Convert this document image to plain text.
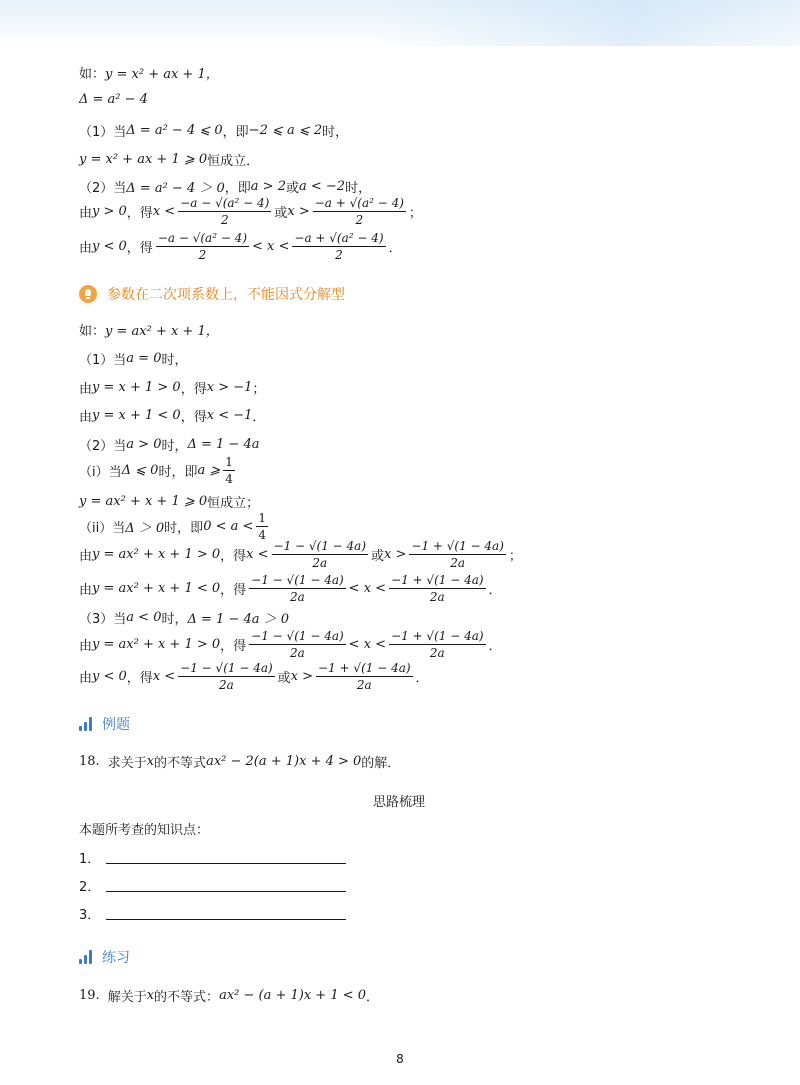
如： y = x² + ax + 1，
Δ = a² − 4
（1）当 Δ = a² − 4 ⩽ 0 ，即 −2 ⩽ a ⩽ 2 时，
y = x² + ax + 1 ⩾ 0 恒成立．
（2）当 Δ = a² − 4 ＞ 0 ，即 a > 2 或 a < −2 时，
由 y > 0 ，得 $x < \frac{\text{−a − √(a² − 4)}}{2}$ 或 $x > \frac{\text{−a + √(a² − 4)}}{2}$ ；
由 y < 0 ，得 $\frac{\text{−a − √(a² − 4)}}{2} < x < \frac{\text{−a + √(a² − 4)}}{2}$ ．
参数在二次项系数上，不能因式分解型
如： y = ax² + x + 1，
（1）当 a = 0 时，
由 y = x + 1 > 0 ，得 x > −1 ；
由 y = x + 1 < 0 ，得 x < −1 ．
（2）当 a > 0 时， Δ = 1 − 4a
（i）当 Δ ⩽ 0 时，即 a ⩾ $\frac{1}{4}$
y = ax² + x + 1 ⩾ 0 恒成立；
（ii）当 Δ ＞ 0 时，即 $0 < a < \frac{1}{4}$
由 y = ax² + x + 1 > 0 ，得 $x < \frac{-1 - √(1 - 4a)}{2a}$ 或 $x > \frac{-1 + √(1 - 4a)}{2a}$ ；
由 y = ax² + x + 1 < 0 ，得 $\frac{-1 - √(1 - 4a)}{2a} < x < \frac{-1 + √(1 - 4a)}{2a}$ ．
（3）当 a < 0 时， Δ = 1 − 4a ＞ 0
由 y = ax² + x + 1 > 0 ，得 $\frac{-1 - √(1 - 4a)}{2a} < x < \frac{-1 + √(1 - 4a)}{2a}$ ．
由 y < 0 ，得 $x < \frac{-1 - √(1 - 4a)}{2a}$ 或 $x > \frac{-1 + √(1 - 4a)}{2a}$ ．
例题
18. 求关于 x 的不等式 ax² − 2(a + 1)x + 4 > 0 的解．
思路梳理
本题所考查的知识点：
1．
2．
3．
练习
19. 解关于 x 的不等式： ax² − (a + 1)x + 1 < 0 ．
8
